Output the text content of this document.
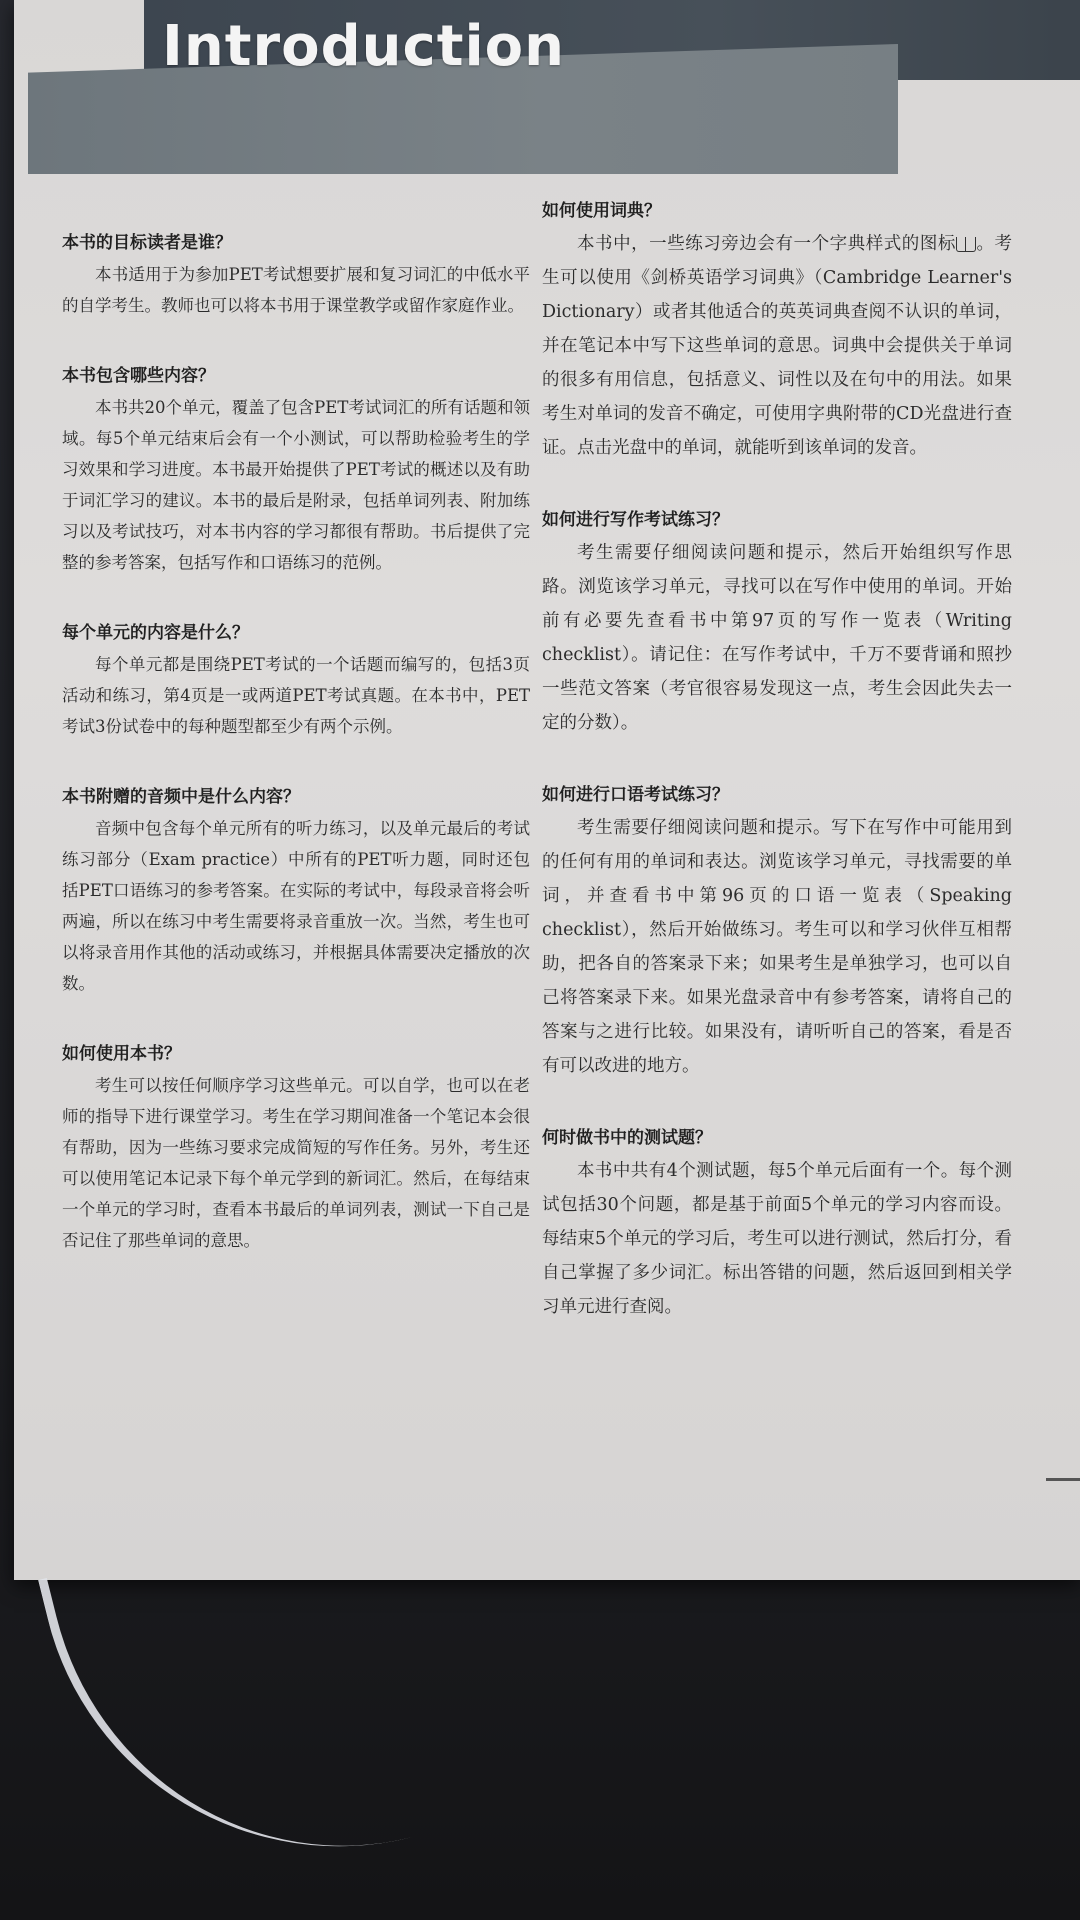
Introduction
本书的目标读者是谁？

本书适用于为参加PET考试想要扩展和复习词汇的中低水平的自学考生。教师也可以将本书用于课堂教学或留作家庭作业。

本书包含哪些内容？

本书共20个单元，覆盖了包含PET考试词汇的所有话题和领域。每5个单元结束后会有一个小测试，可以帮助检验考生的学习效果和学习进度。本书最开始提供了PET考试的概述以及有助于词汇学习的建议。本书的最后是附录，包括单词列表、附加练习以及考试技巧，对本书内容的学习都很有帮助。书后提供了完整的参考答案，包括写作和口语练习的范例。

每个单元的内容是什么？

每个单元都是围绕PET考试的一个话题而编写的，包括3页活动和练习，第4页是一或两道PET考试真题。在本书中，PET考试3份试卷中的每种题型都至少有两个示例。

本书附赠的音频中是什么内容？

音频中包含每个单元所有的听力练习，以及单元最后的考试练习部分（Exam practice）中所有的PET听力题，同时还包括PET口语练习的参考答案。在实际的考试中，每段录音将会听两遍，所以在练习中考生需要将录音重放一次。当然，考生也可以将录音用作其他的活动或练习，并根据具体需要决定播放的次数。

如何使用本书？

考生可以按任何顺序学习这些单元。可以自学，也可以在老师的指导下进行课堂学习。考生在学习期间准备一个笔记本会很有帮助，因为一些练习要求完成简短的写作任务。另外，考生还可以使用笔记本记录下每个单元学到的新词汇。然后，在每结束一个单元的学习时，查看本书最后的单词列表，测试一下自己是否记住了那些单词的意思。

如何使用词典？

本书中，一些练习旁边会有一个字典样式的图标 。考生可以使用《剑桥英语学习词典》（Cambridge Learner's Dictionary）或者其他适合的英英词典查阅不认识的单词，并在笔记本中写下这些单词的意思。词典中会提供关于单词的很多有用信息，包括意义、词性以及在句中的用法。如果考生对单词的发音不确定，可使用字典附带的CD光盘进行查证。点击光盘中的单词，就能听到该单词的发音。

如何进行写作考试练习？

考生需要仔细阅读问题和提示，然后开始组织写作思路。浏览该学习单元，寻找可以在写作中使用的单词。开始前有必要先查看书中第97页的写作一览表（Writing checklist）。请记住：在写作考试中，千万不要背诵和照抄一些范文答案（考官很容易发现这一点，考生会因此失去一定的分数）。

如何进行口语考试练习？

考生需要仔细阅读问题和提示。写下在写作中可能用到的任何有用的单词和表达。浏览该学习单元，寻找需要的单词，并查看书中第96页的口语一览表（Speaking checklist），然后开始做练习。考生可以和学习伙伴互相帮助，把各自的答案录下来；如果考生是单独学习，也可以自己将答案录下来。如果光盘录音中有参考答案，请将自己的答案与之进行比较。如果没有，请听听自己的答案，看是否有可以改进的地方。

何时做书中的测试题？

本书中共有4个测试题，每5个单元后面有一个。每个测试包括30个问题，都是基于前面5个单元的学习内容而设。每结束5个单元的学习后，考生可以进行测试，然后打分，看自己掌握了多少词汇。标出答错的问题，然后返回到相关学习单元进行查阅。
